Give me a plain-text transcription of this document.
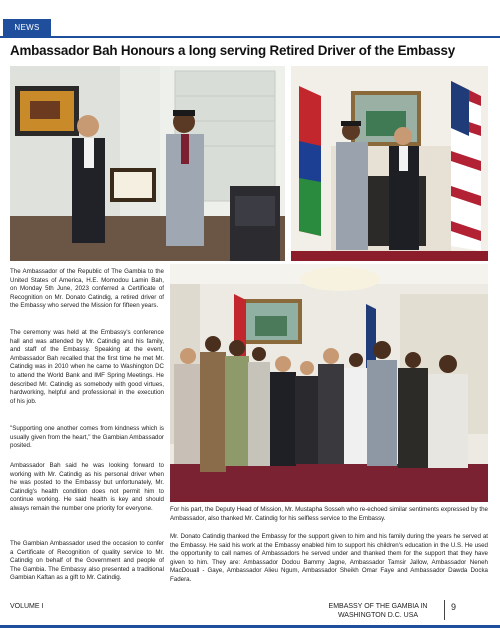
NEWS
Ambassador Bah Honours a long serving Retired Driver of the Embassy
The Ambassador of the Republic of The Gambia to the United States of America, H.E. Momodou Lamin Bah, on Monday 5th June, 2023 conferred a Certificate of Recognition on Mr. Donato Catindig, a retired driver of the Embassy who served the Mission for fifteen years.
The ceremony was held at the Embassy's conference hall and was attended by Mr. Catindig and his family, and staff of the Embassy. Speaking at the event, Ambassador Bah recalled that the first time he met Mr. Catindig was in 2010 when he came to Washington DC to attend the World Bank and IMF Spring Meetings. He described Mr. Catindig as somebody with good virtues, hardworking, helpful and professional in the execution of his job.
"Supporting one another comes from kindness which is usually given from the heart," the Gambian Ambassador posited.
Ambassador Bah said he was looking forward to working with Mr. Catindig as his personal driver when he was posted to the Embassy but unfortunately, Mr. Catindig's health condition does not permit him to continue working. He said health is key and should always remain the number one priority for everyone.
The Gambian Ambassador used the occasion to confer a Certificate of Recognition of quality service to Mr. Catindig on behalf of the Government and people of The Gambia. The Embassy also presented a traditional Gambian Kaftan as a gift to Mr. Catindig.
For his part, the Deputy Head of Mission, Mr. Mustapha Sosseh who re-echoed similar sentiments expressed by the Ambassador, also thanked Mr. Catindig for his selfless service to the Embassy.
Mr. Donato Catindig thanked the Embassy for the support given to him and his family during the years he served at the Embassy. He said his work at the Embassy enabled him to support his children's education in the U.S. He used the opportunity to call names of Ambassadors he served under and thanked them for the support that they have given to him. They are: Ambassador Dodou Bammy Jagne, Ambassador Tamsir Jallow, Ambassador Neneh MacDouall - Gaye, Ambassador Alieu Ngum, Ambassador Sheikh Omar Faye and Ambassador Dawda Docka Fadera.
VOLUME I	EMBASSY OF THE GAMBIA IN
WASHINGTON D.C. USA
9
